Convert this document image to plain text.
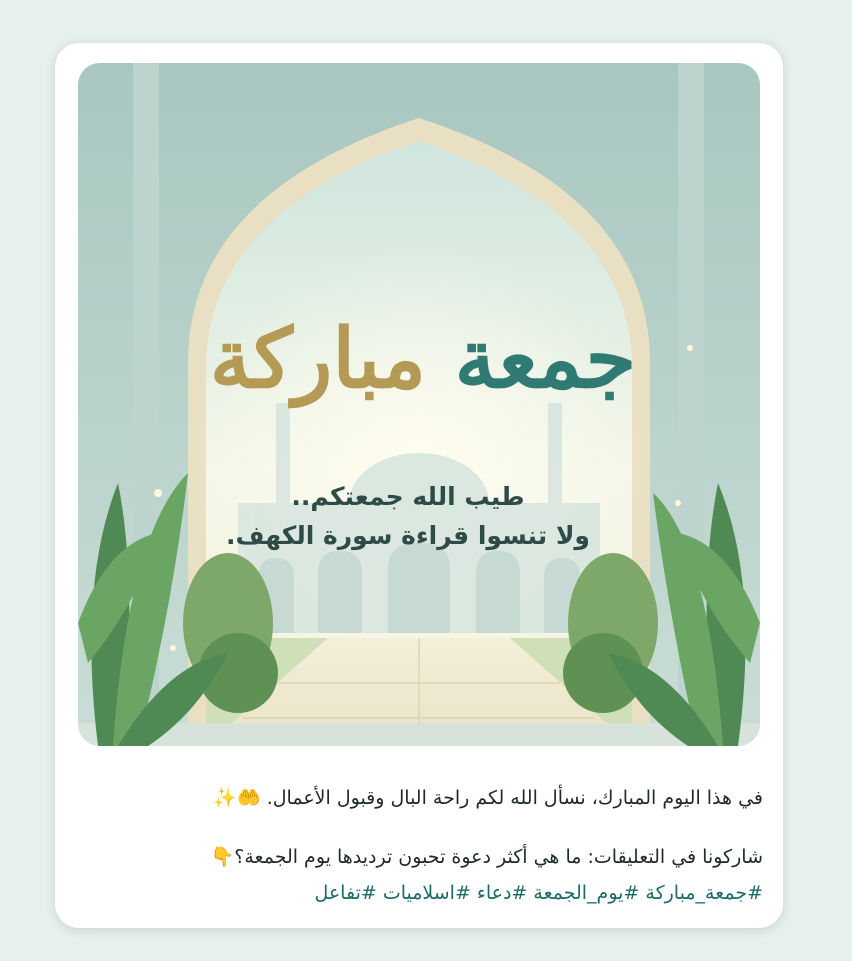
جمعة مباركة
طيب الله جمعتكم..
ولا تنسوا قراءة سورة الكهف.
في هذا اليوم المبارك، نسأل الله لكم راحة البال وقبول الأعمال. 🤲✨
شاركونا في التعليقات: ما هي أكثر دعوة تحبون ترديدها يوم الجمعة؟👇
#جمعة_مباركة #يوم_الجمعة #دعاء #اسلاميات #تفاعل
